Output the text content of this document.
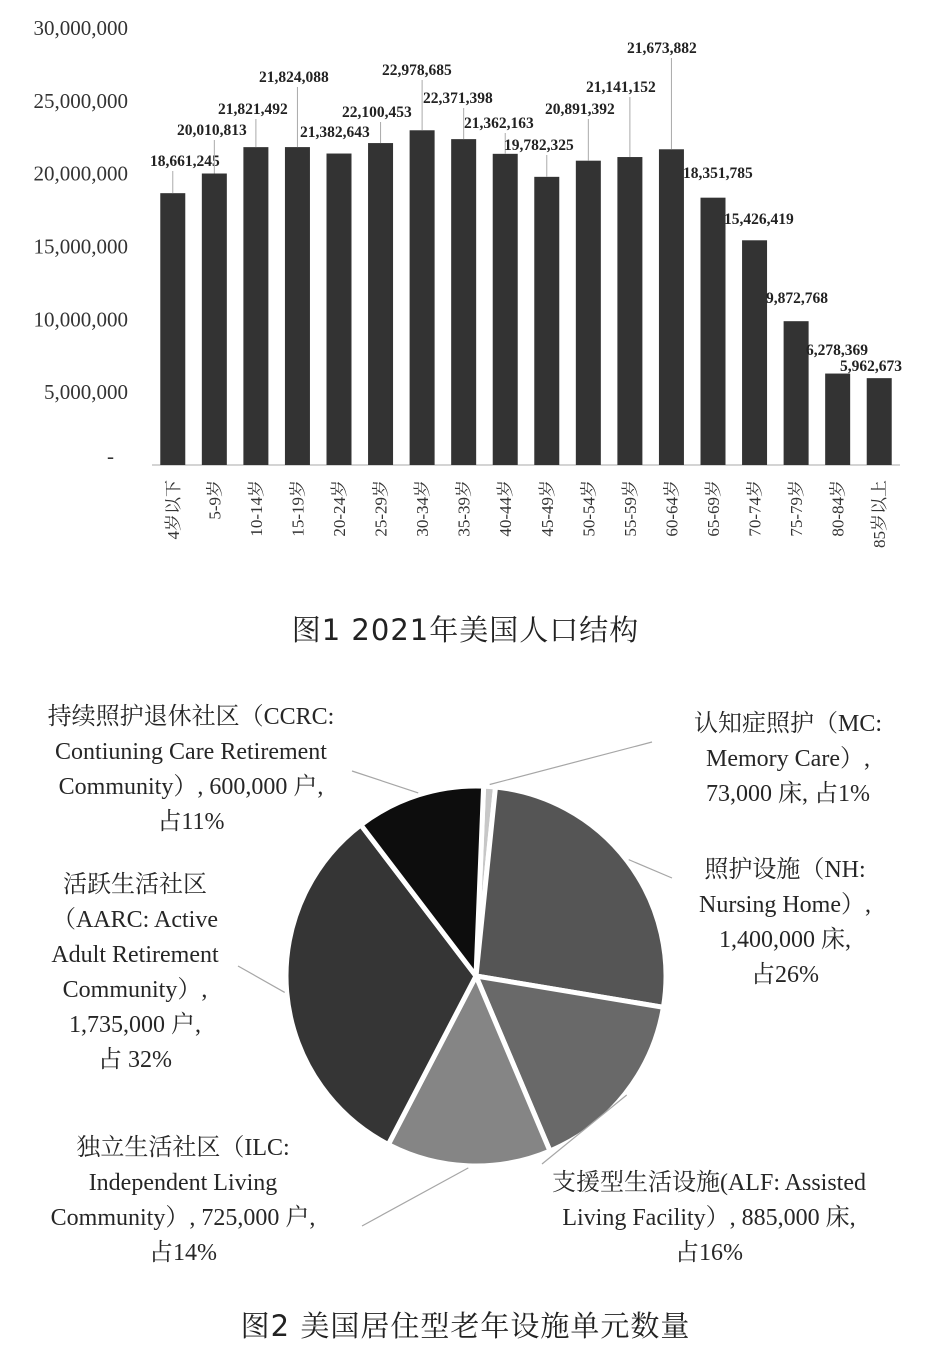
-
5,000,000
10,000,000
15,000,000
20,000,000
25,000,000
30,000,000
18,661,245
4岁以下
20,010,813
5-9岁
21,821,492
10-14岁
21,824,088
15-19岁
21,382,643
20-24岁
22,100,453
25-29岁
22,978,685
30-34岁
22,371,398
35-39岁
21,362,163
40-44岁
19,782,325
45-49岁
20,891,392
50-54岁
21,141,152
55-59岁
21,673,882
60-64岁
18,351,785
65-69岁
15,426,419
70-74岁
9,872,768
75-79岁
6,278,369
80-84岁
5,962,673
85岁以上
图1 2021年美国人口结构
图2 美国居住型老年设施单元数量
持续照护退休社区（CCRC:
Contiuning Care Retirement
Community）, 600,000 户,
占11%
认知症照护（MC:
Memory Care）,
73,000 床, 占1%
照护设施（NH:
Nursing Home）,
1,400,000 床,
占26%
活跃生活社区
（AARC: Active
Adult Retirement
Community）,
1,735,000 户,
占 32%
独立生活社区（ILC:
Independent Living
Community）, 725,000 户,
占14%
支援型生活设施(ALF: Assisted
Living Facility）, 885,000 床,
占16%
